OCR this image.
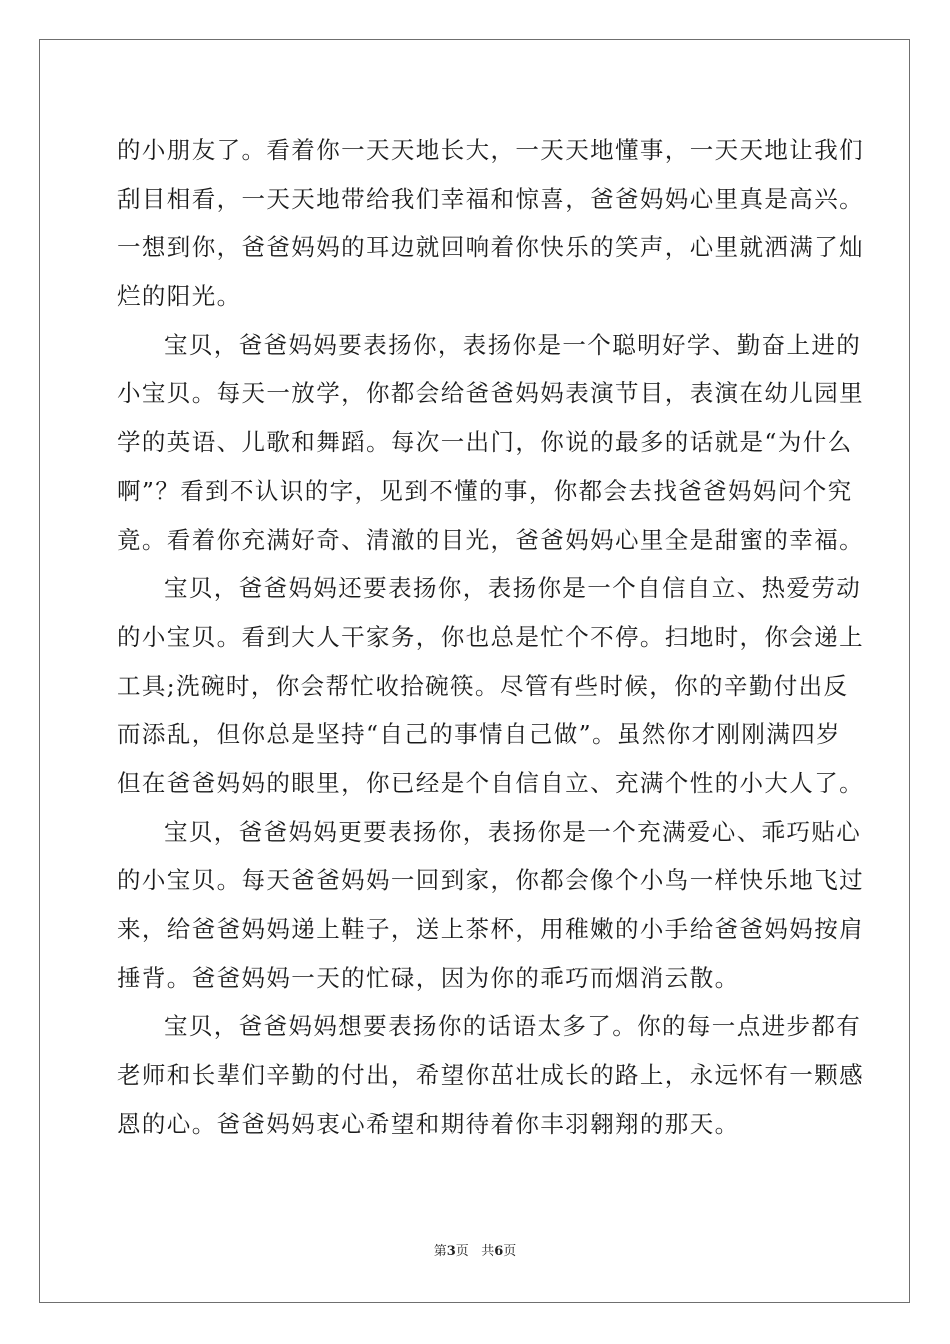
的小朋友了。看着你一天天地长大，一天天地懂事，一天天地让我们
刮目相看，一天天地带给我们幸福和惊喜，爸爸妈妈心里真是高兴。
一想到你，爸爸妈妈的耳边就回响着你快乐的笑声，心里就洒满了灿
烂的阳光。
宝贝，爸爸妈妈要表扬你，表扬你是一个聪明好学、勤奋上进的
小宝贝。每天一放学，你都会给爸爸妈妈表演节目，表演在幼儿园里
学的英语、儿歌和舞蹈。每次一出门，你说的最多的话就是“为什么
啊”？看到不认识的字，见到不懂的事，你都会去找爸爸妈妈问个究
竟。看着你充满好奇、清澈的目光，爸爸妈妈心里全是甜蜜的幸福。
宝贝，爸爸妈妈还要表扬你，表扬你是一个自信自立、热爱劳动
的小宝贝。看到大人干家务，你也总是忙个不停。扫地时，你会递上
工具;洗碗时，你会帮忙收拾碗筷。尽管有些时候，你的辛勤付出反
而添乱，但你总是坚持“自己的事情自己做”。虽然你才刚刚满四岁
但在爸爸妈妈的眼里，你已经是个自信自立、充满个性的小大人了。
宝贝，爸爸妈妈更要表扬你，表扬你是一个充满爱心、乖巧贴心
的小宝贝。每天爸爸妈妈一回到家，你都会像个小鸟一样快乐地飞过
来，给爸爸妈妈递上鞋子，送上茶杯，用稚嫩的小手给爸爸妈妈按肩
捶背。爸爸妈妈一天的忙碌，因为你的乖巧而烟消云散。
宝贝，爸爸妈妈想要表扬你的话语太多了。你的每一点进步都有
老师和长辈们辛勤的付出，希望你茁壮成长的路上，永远怀有一颗感
恩的心。爸爸妈妈衷心希望和期待着你丰羽翱翔的那天。
第3页 共6页
